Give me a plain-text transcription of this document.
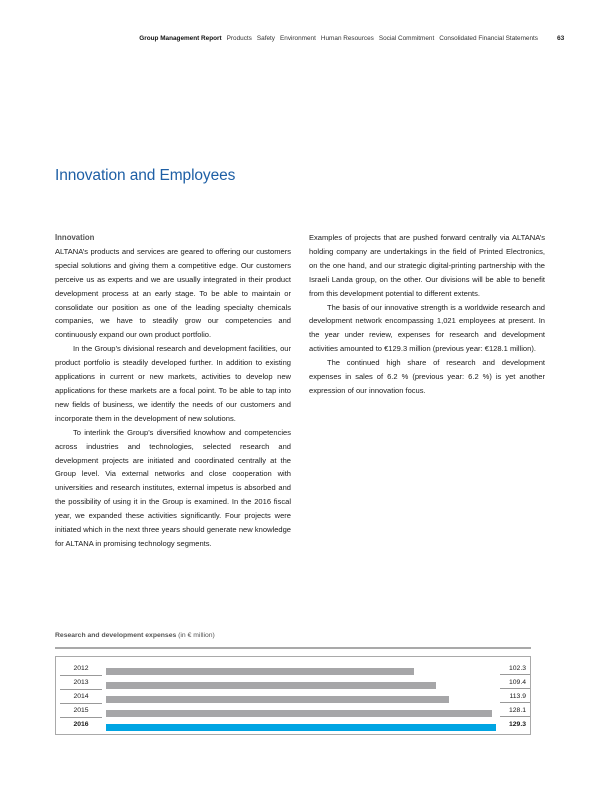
Group Management Report Products Safety Environment Human Resources Social Commitment Consolidated Financial Statements	63
Innovation and Employees
Innovation

ALTANA’s products and services are geared to offering our customers special solutions and giving them a competitive edge. Our customers perceive us as experts and we are usually integrated in their product development process at an early stage. To be able to maintain or consolidate our position as one of the leading specialty chemicals companies, we have to steadily grow our competencies and continuously expand our own product portfolio.

In the Group’s divisional research and development facilities, our product portfolio is steadily developed further. In addition to existing applications in current or new markets, activities to develop new applications for these markets are a focal point. To be able to tap into new fields of business, we identify the needs of our customers and incorporate them in the development of new solutions.

To interlink the Group’s diversified knowhow and competencies across industries and technologies, selected research and development projects are initiated and coordinated centrally at the Group level. Via external networks and close cooperation with universities and research institutes, external impetus is absorbed and the possibility of using it in the Group is examined. In the 2016 fiscal year, we expanded these activities significantly. Four projects were initiated which in the next three years should generate new knowledge for ALTANA in promising technology segments.

Examples of projects that are pushed forward centrally via ALTANA’s holding company are undertakings in the field of Printed Electronics, on the one hand, and our strategic digital-printing partnership with the Israeli Landa group, on the other. Our divisions will be able to benefit from this development potential to different extents.

The basis of our innovative strength is a worldwide research and development network encompassing 1,021 employees at present. In the year under review, expenses for research and development activities amounted to €129.3 million (previous year: €128.1 million).

The continued high share of research and development expenses in sales of 6.2 % (previous year: 6.2 %) is yet another expression of our innovation focus.

Research and development expenses (in € million)
2012	102.3
2013	109.4
2014	113.9
2015	128.1
2016	129.3
